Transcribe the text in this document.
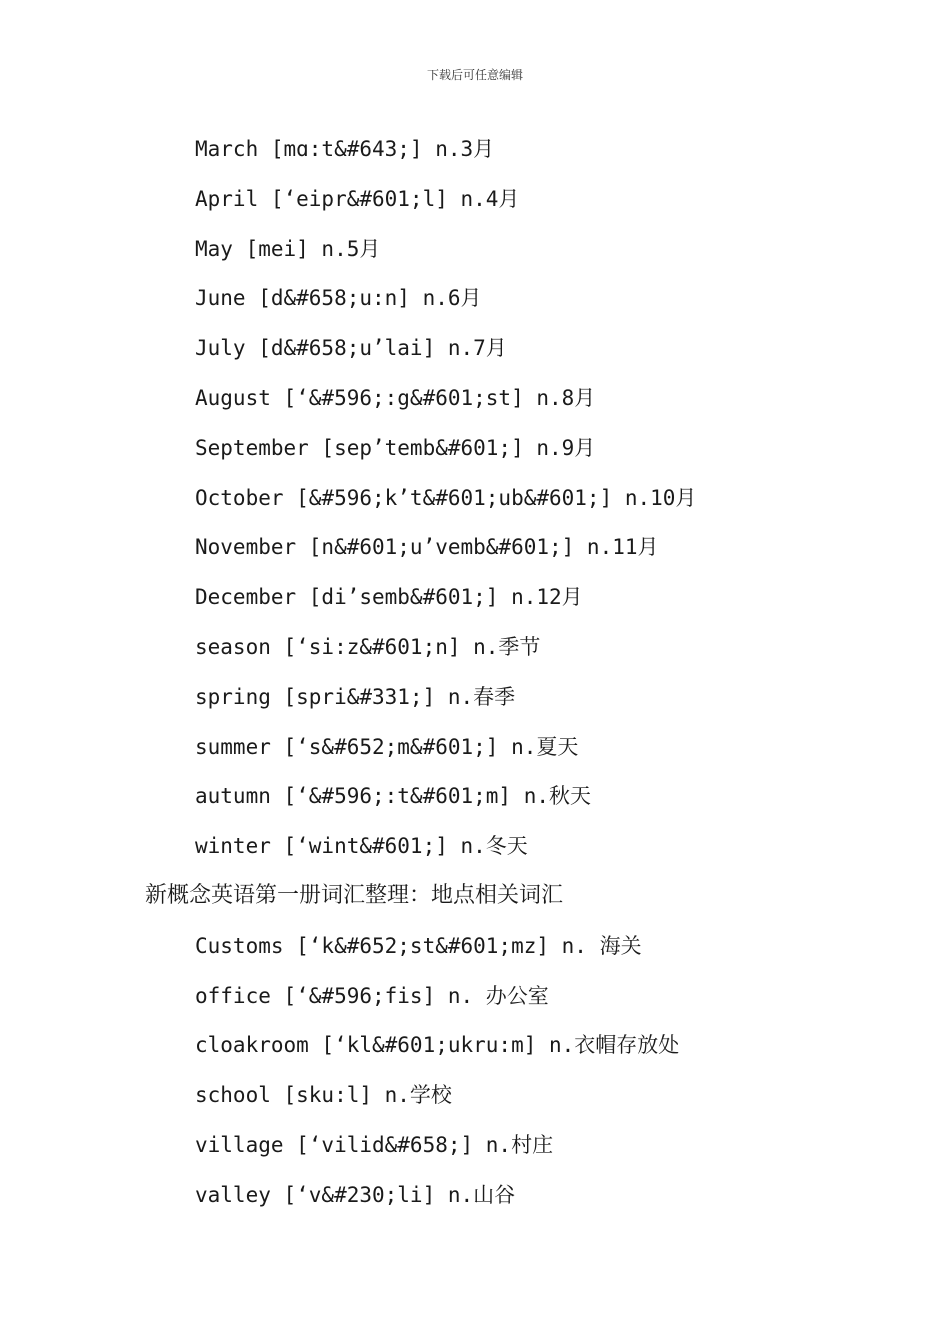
下载后可任意编辑
March [mɑ:t&#643;] n.3月
April [‘eipr&#601;l] n.4月
May [mei] n.5月
June [d&#658;u:n] n.6月
July [d&#658;u’lai] n.7月
August [‘&#596;:g&#601;st] n.8月
September [sep’temb&#601;] n.9月
October [&#596;k’t&#601;ub&#601;] n.10月
November [n&#601;u’vemb&#601;] n.11月
December [di’semb&#601;] n.12月
season [‘si:z&#601;n] n.季节
spring [spri&#331;] n.春季
summer [‘s&#652;m&#601;] n.夏天
autumn [‘&#596;:t&#601;m] n.秋天
winter [‘wint&#601;] n.冬天
新概念英语第一册词汇整理：地点相关词汇
Customs [‘k&#652;st&#601;mz] n. 海关
office [‘&#596;fis] n. 办公室
cloakroom [‘kl&#601;ukru:m] n.衣帽存放处
school [sku:l] n.学校
village [‘vilid&#658;] n.村庄
valley [‘v&#230;li] n.山谷
